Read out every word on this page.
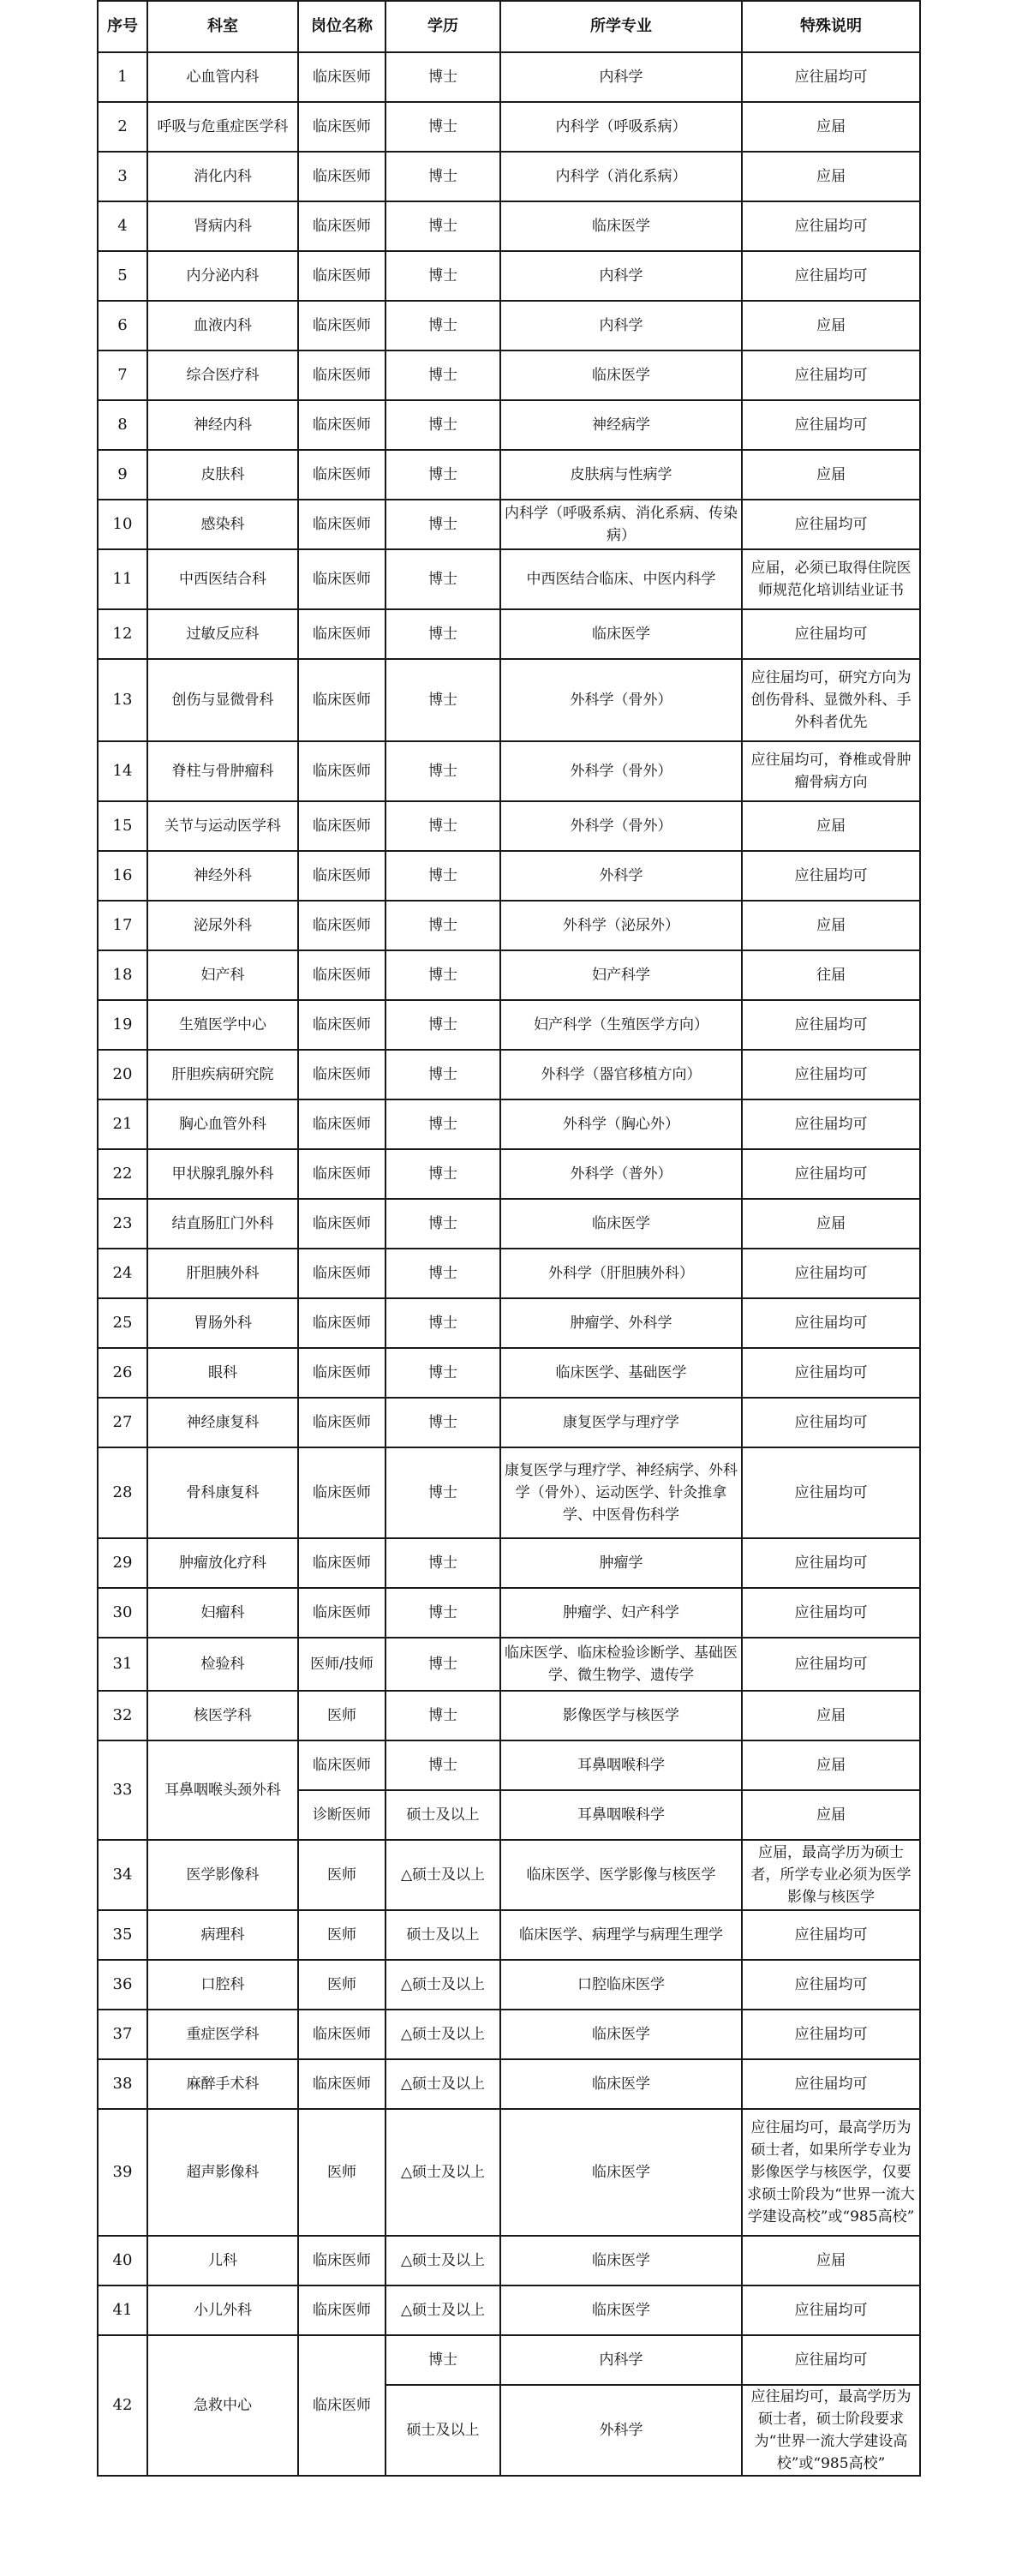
序号	科室	岗位名称	学历	所学专业	特殊说明
1	心血管内科	临床医师	博士	内科学	应往届均可
2	呼吸与危重症医学科	临床医师	博士	内科学（呼吸系病）	应届
3	消化内科	临床医师	博士	内科学（消化系病）	应届
4	肾病内科	临床医师	博士	临床医学	应往届均可
5	内分泌内科	临床医师	博士	内科学	应往届均可
6	血液内科	临床医师	博士	内科学	应届
7	综合医疗科	临床医师	博士	临床医学	应往届均可
8	神经内科	临床医师	博士	神经病学	应往届均可
9	皮肤科	临床医师	博士	皮肤病与性病学	应届
10	感染科	临床医师	博士	内科学（呼吸系病、消化系病、传染病）	应往届均可
11	中西医结合科	临床医师	博士	中西医结合临床、中医内科学	应届，必须已取得住院医师规范化培训结业证书
12	过敏反应科	临床医师	博士	临床医学	应往届均可
13	创伤与显微骨科	临床医师	博士	外科学（骨外）	应往届均可，研究方向为创伤骨科、显微外科、手外科者优先
14	脊柱与骨肿瘤科	临床医师	博士	外科学（骨外）	应往届均可，脊椎或骨肿瘤骨病方向
15	关节与运动医学科	临床医师	博士	外科学（骨外）	应届
16	神经外科	临床医师	博士	外科学	应往届均可
17	泌尿外科	临床医师	博士	外科学（泌尿外）	应届
18	妇产科	临床医师	博士	妇产科学	往届
19	生殖医学中心	临床医师	博士	妇产科学（生殖医学方向）	应往届均可
20	肝胆疾病研究院	临床医师	博士	外科学（器官移植方向）	应往届均可
21	胸心血管外科	临床医师	博士	外科学（胸心外）	应往届均可
22	甲状腺乳腺外科	临床医师	博士	外科学（普外）	应往届均可
23	结直肠肛门外科	临床医师	博士	临床医学	应届
24	肝胆胰外科	临床医师	博士	外科学（肝胆胰外科）	应往届均可
25	胃肠外科	临床医师	博士	肿瘤学、外科学	应往届均可
26	眼科	临床医师	博士	临床医学、基础医学	应往届均可
27	神经康复科	临床医师	博士	康复医学与理疗学	应往届均可
28	骨科康复科	临床医师	博士	康复医学与理疗学、神经病学、外科学（骨外）、运动医学、针灸推拿学、中医骨伤科学	应往届均可
29	肿瘤放化疗科	临床医师	博士	肿瘤学	应往届均可
30	妇瘤科	临床医师	博士	肿瘤学、妇产科学	应往届均可
31	检验科	医师/技师	博士	临床医学、临床检验诊断学、基础医学、微生物学、遗传学	应往届均可
32	核医学科	医师	博士	影像医学与核医学	应届
33	耳鼻咽喉头颈外科	临床医师	博士	耳鼻咽喉科学	应届
		诊断医师	硕士及以上	耳鼻咽喉科学	应届
34	医学影像科	医师	△硕士及以上	临床医学、医学影像与核医学	应届，最高学历为硕士者，所学专业必须为医学影像与核医学
35	病理科	医师	硕士及以上	临床医学、病理学与病理生理学	应往届均可
36	口腔科	医师	△硕士及以上	口腔临床医学	应往届均可
37	重症医学科	临床医师	△硕士及以上	临床医学	应往届均可
38	麻醉手术科	临床医师	△硕士及以上	临床医学	应往届均可
39	超声影像科	医师	△硕士及以上	临床医学	应往届均可，最高学历为硕士者，如果所学专业为影像医学与核医学，仅要求硕士阶段为“世界一流大学建设高校”或“985高校”
40	儿科	临床医师	△硕士及以上	临床医学	应届
41	小儿外科	临床医师	△硕士及以上	临床医学	应往届均可
42	急救中心	临床医师	博士	内科学	应往届均可
			硕士及以上	外科学	应往届均可，最高学历为硕士者，硕士阶段要求为“世界一流大学建设高校”或“985高校”
